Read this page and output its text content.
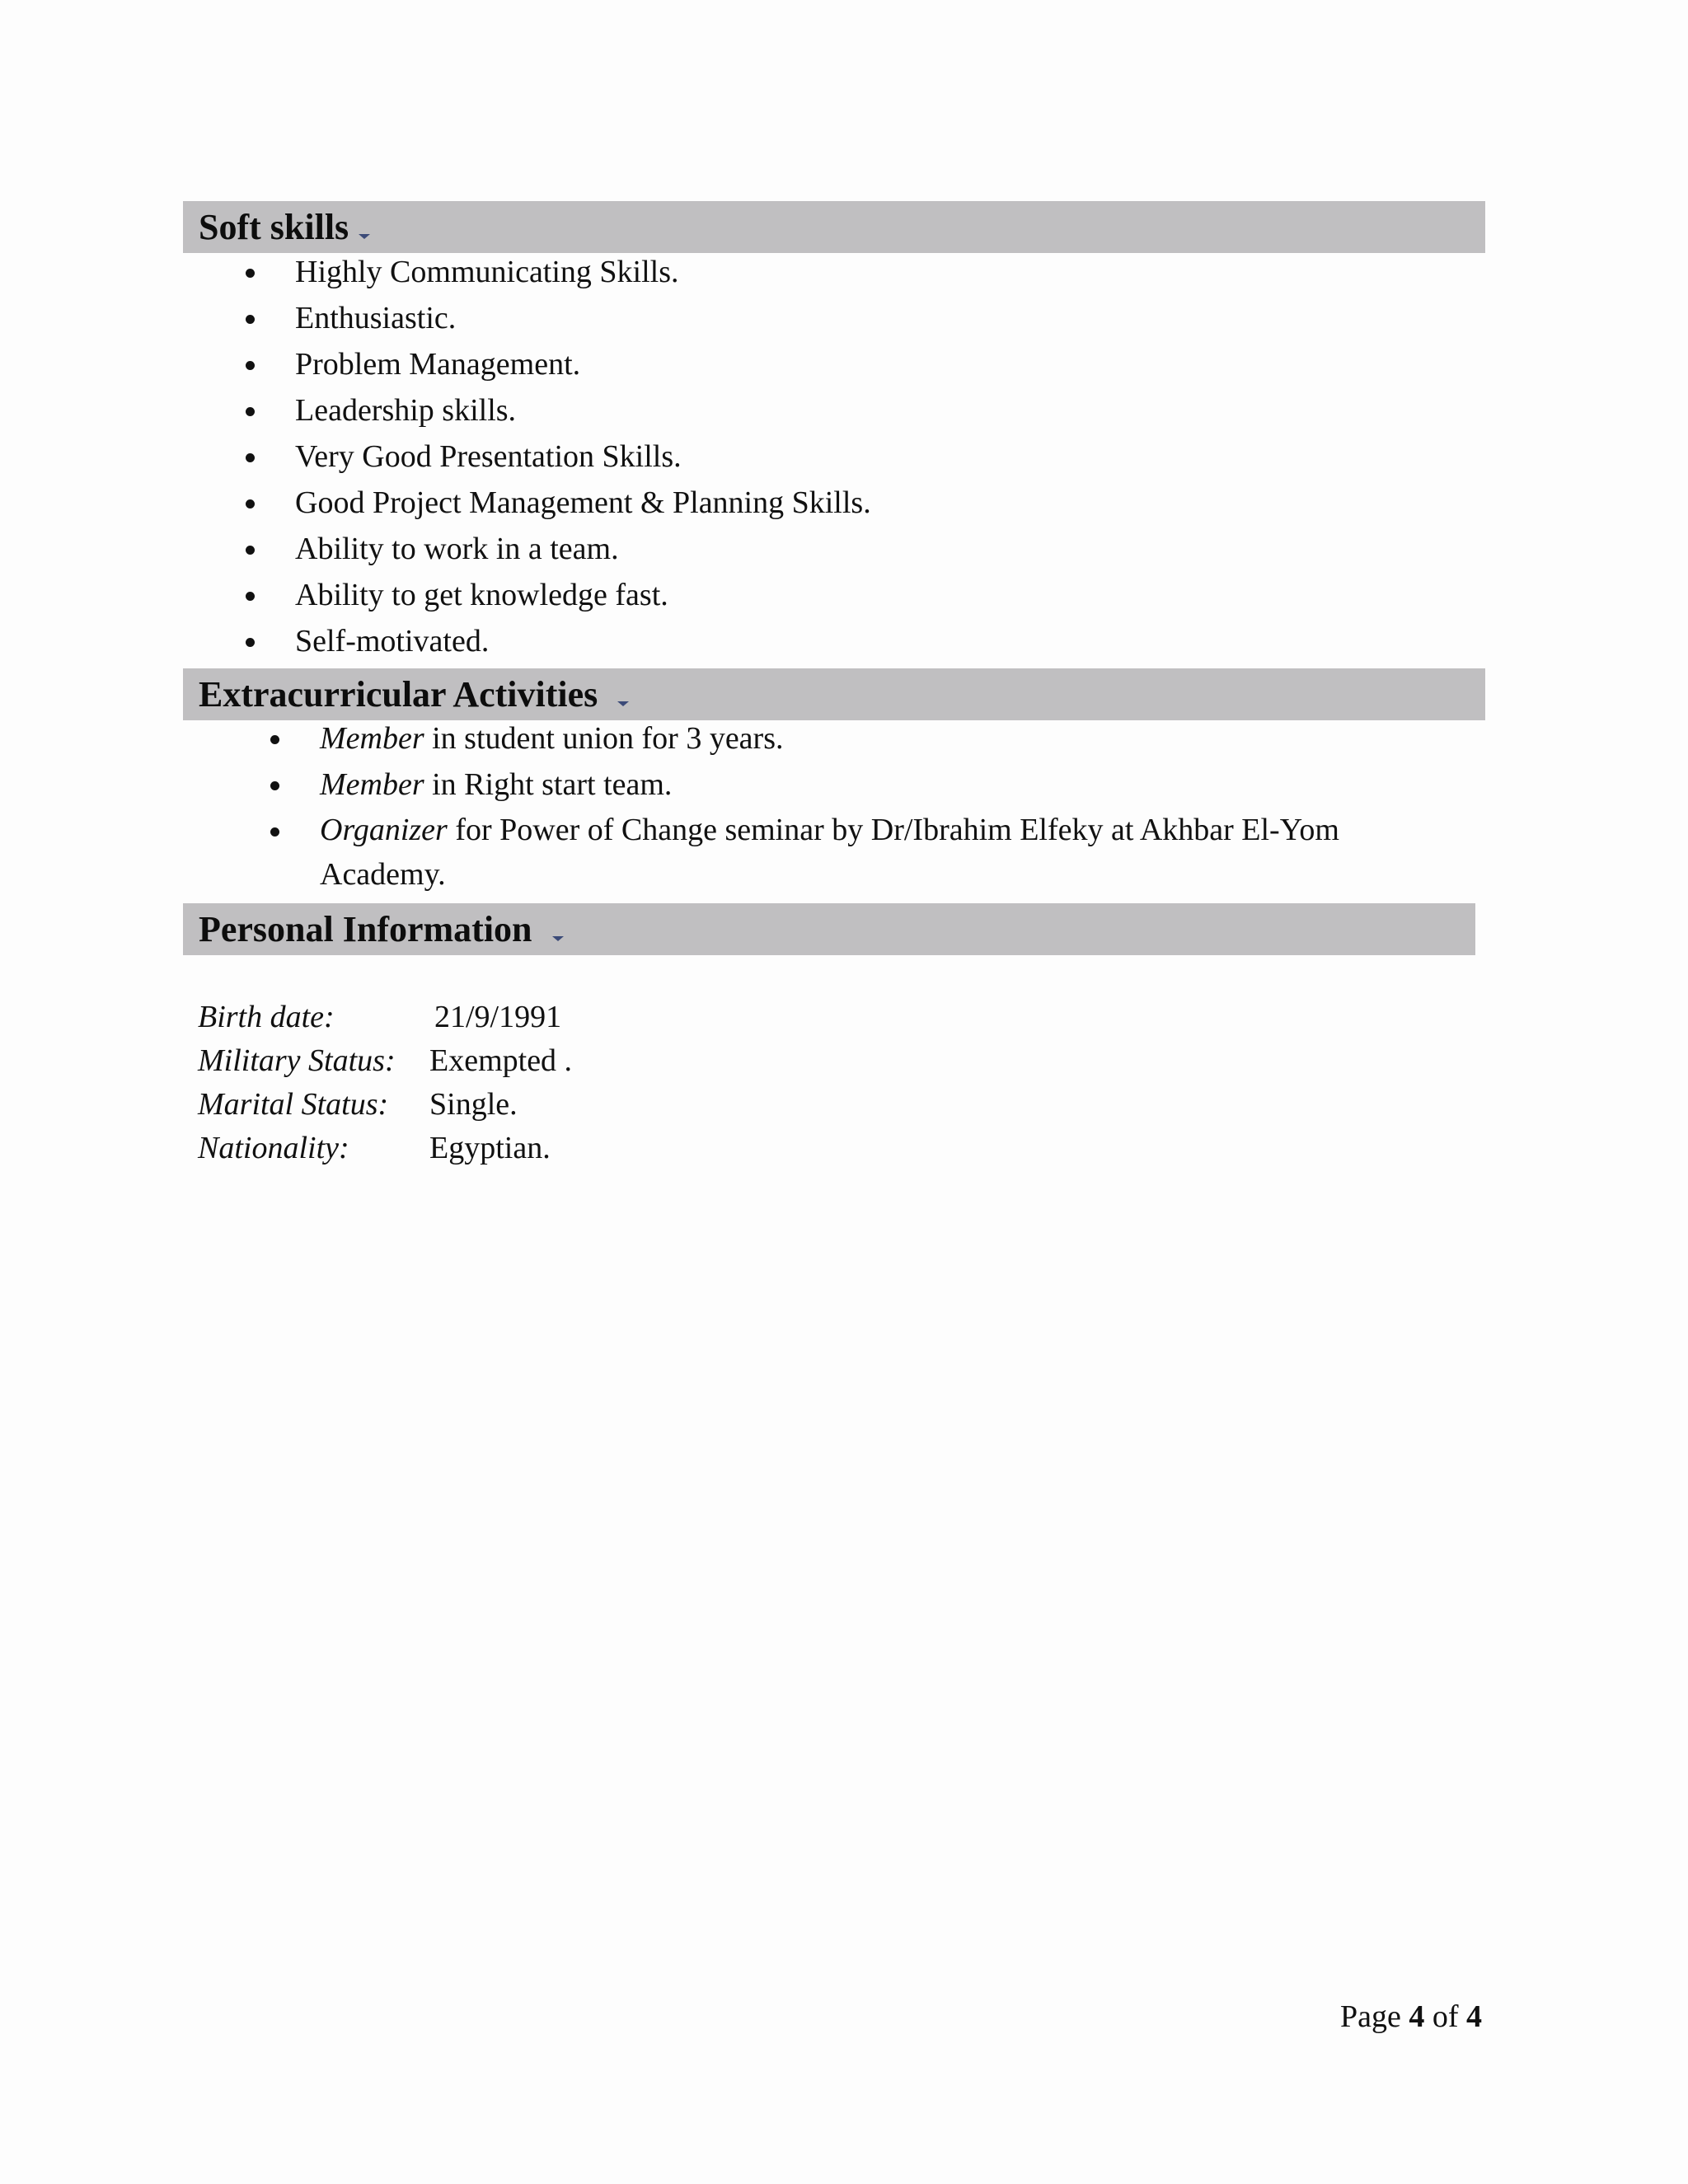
Soft skills
Highly Communicating Skills.
Enthusiastic.
Problem Management.
Leadership skills.
Very Good Presentation Skills.
Good Project Management & Planning Skills.
Ability to work in a team.
Ability to get knowledge fast.
Self-motivated.
Extracurricular Activities
Member in student union for 3 years.
Member in Right start team.
Organizer for Power of Change seminar by Dr/Ibrahim Elfeky at Akhbar El-Yom
Academy.
Personal Information
Birth date:	21/9/1991
Military Status: Exempted .
Marital Status: Single.
Nationality:	Egyptian.
Page 4 of 4
